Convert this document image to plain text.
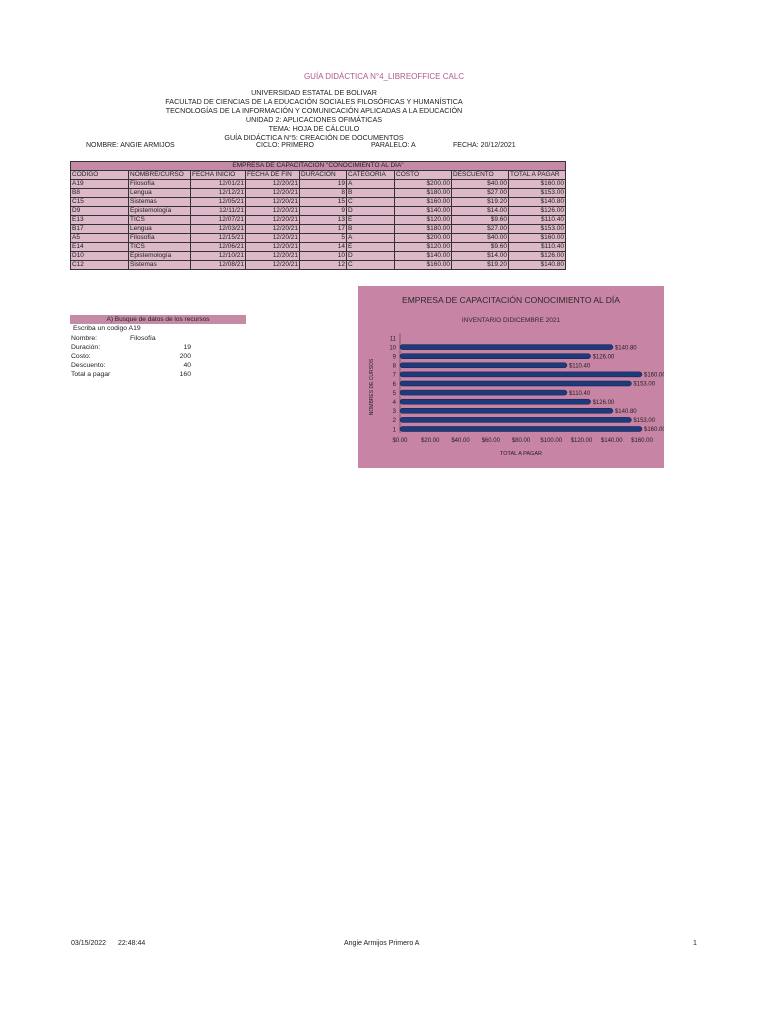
GUÍA DIDÁCTICA N°4_LIBREOFFICE CALC
UNIVERSIDAD ESTATAL DE BOLIVAR
FACULTAD DE CIENCIAS DE LA EDUCACIÓN SOCIALES FILOSÓFICAS Y HUMANÍSTICA
TECNOLOGÍAS DE LA INFORMACIÓN Y COMUNICACIÓN APLICADAS A LA EDUCACIÓN
UNIDAD 2: APLICACIONES OFIMÁTICAS
TEMA: HOJA DE CÁLCULO
GUÍA DIDÁCTICA N°5: CREACIÓN DE DOCUMENTOS
NOMBRE: ANGIE ARMIJOS	CICLO: PRIMERO	PARALELO: A	FECHA: 20/12/2021
EMPRESA DE CAPACITACIÓN "CONOCIMIENTO AL DÍA"								
CODIGO	NOMBRE/CURSO	FECHA INICIO	FECHA DE FIN	DURACIÓN	CATEGORIA	COSTO	DESCUENTO	TOTAL A PAGAR
A19	Filosofía	12/01/21	12/20/21	19	A	$200.00	$40.00	$160.00
B8	Lengua	12/12/21	12/20/21	8	B	$180.00	$27.00	$153.00
C15	Sistemas	12/05/21	12/20/21	15	C	$160.00	$19.20	$140.80
D9	Epistemología	12/11/21	12/20/21	9	D	$140.00	$14.00	$126.00
E13	TICS	12/07/21	12/20/21	13	E	$120.00	$9.60	$110.40
B17	Lengua	12/03/21	12/20/21	17	B	$180.00	$27.00	$153.00
A5	Filosofía	12/15/21	12/20/21	5	A	$200.00	$40.00	$160.00
E14	TICS	12/06/21	12/20/21	14	E	$120.00	$9.60	$110.40
D10	Epistemología	12/10/21	12/20/21	10	D	$140.00	$14.00	$126.00
C12	Sistemas	12/08/21	12/20/21	12	C	$160.00	$19.20	$140.80
A) Busque de datos de los recursos
Escriba un codigo A19
Nombre:	Filosofía
Duración:	19
Costo:	200
Descuento:	40
Total a pagar	160
EMPRESA DE CAPACITACIÓN CONOCIMIENTO AL DÍA
INVENTARIO DIDICEMBRE 2021
1	$160.00
2	$153.00
3	$140.80
4	$126.00
5	$110.40
6	$153.00
7	$160.00
8	$110.40
9	$126.00
10	$140.80
11
$0.00 $20.00 $40.00 $60.00 $80.00 $100.00 $120.00 $140.00 $160.00
TOTAL A PAGAR
NOMBRES DE CURSOS
03/15/2022 22:48:44	Angie Armijos Primero A	1
